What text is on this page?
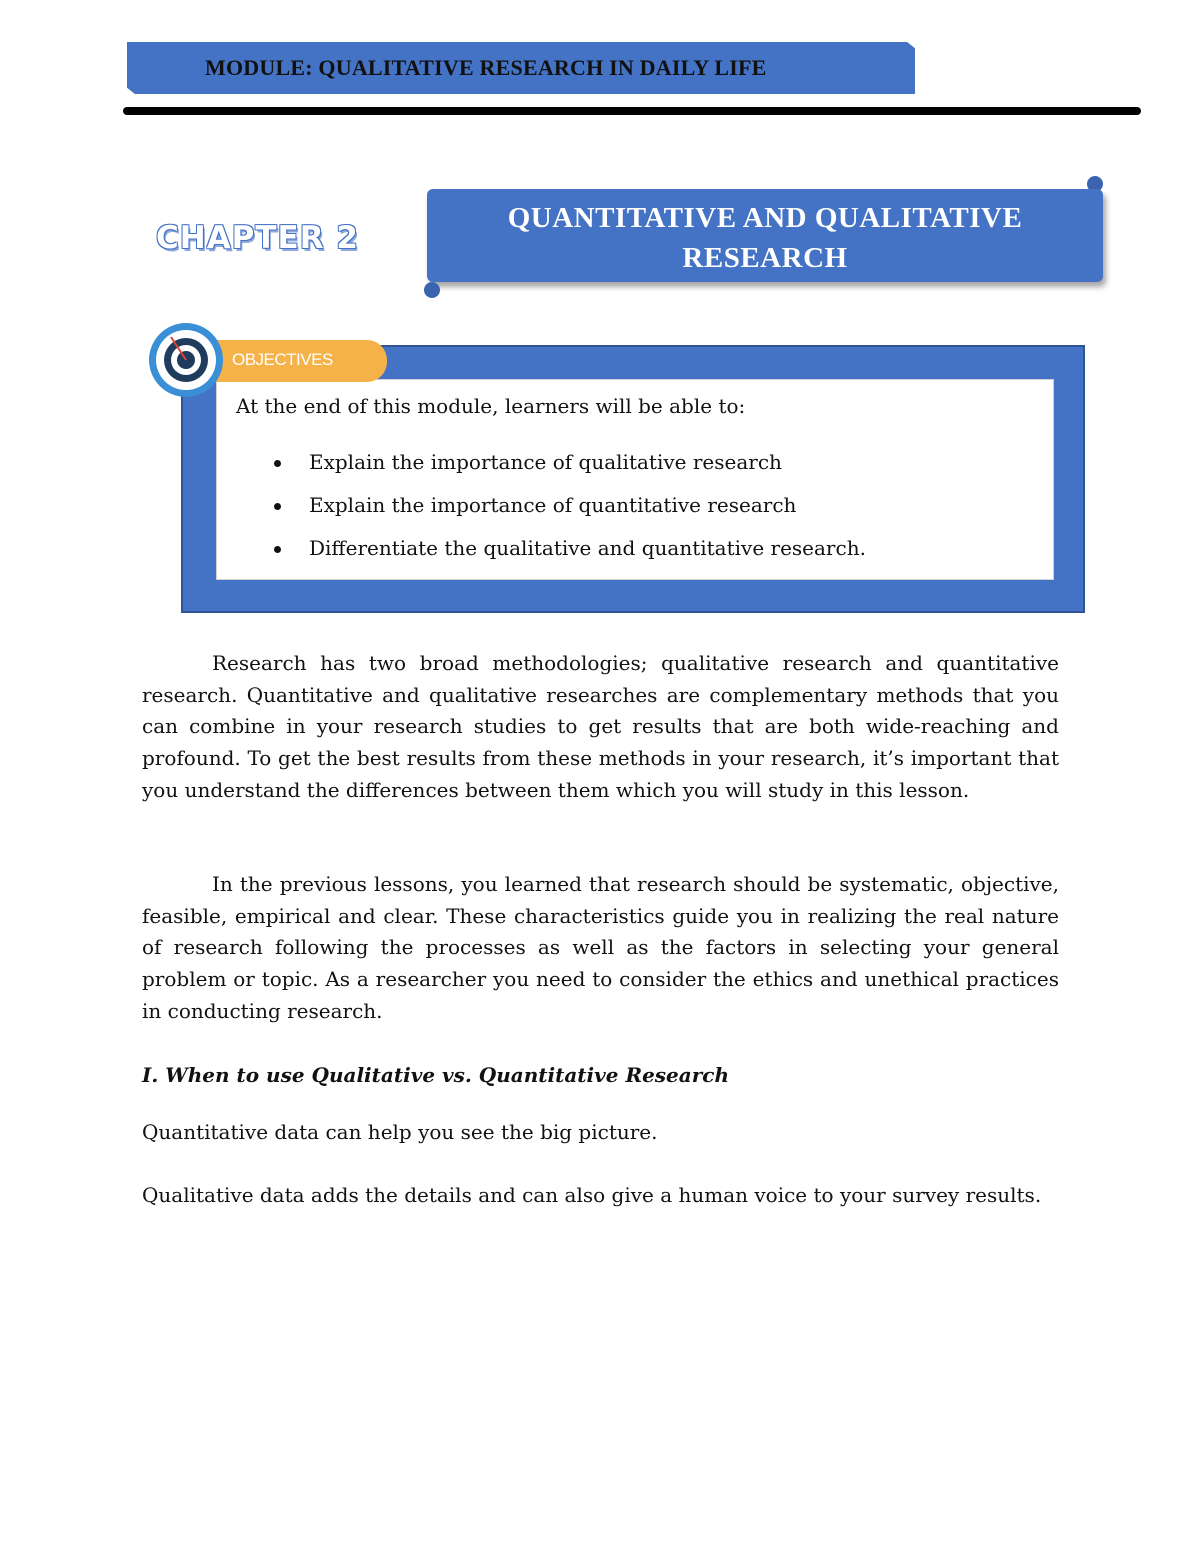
MODULE: QUALITATIVE RESEARCH IN DAILY LIFE
CHAPTER 2
QUANTITATIVE AND QUALITATIVE
RESEARCH
OBJECTIVES
At the end of this module, learners will be able to:
Explain the importance of qualitative research
Explain the importance of quantitative research
Differentiate the qualitative and quantitative research.

Research has two broad methodologies; qualitative research and quantitative research. Quantitative and qualitative researches are complementary methods that you can combine in your research studies to get results that are both wide-reaching and profound. To get the best results from these methods in your research, it’s important that you understand the differences between them which you will study in this lesson.

In the previous lessons, you learned that research should be systematic, objective, feasible, empirical and clear. These characteristics guide you in realizing the real nature of research following the processes as well as the factors in selecting your general problem or topic. As a researcher you need to consider the ethics and unethical practices in conducting research.

I. When to use Qualitative vs. Quantitative Research

Quantitative data can help you see the big picture.

Qualitative data adds the details and can also give a human voice to your survey results.
